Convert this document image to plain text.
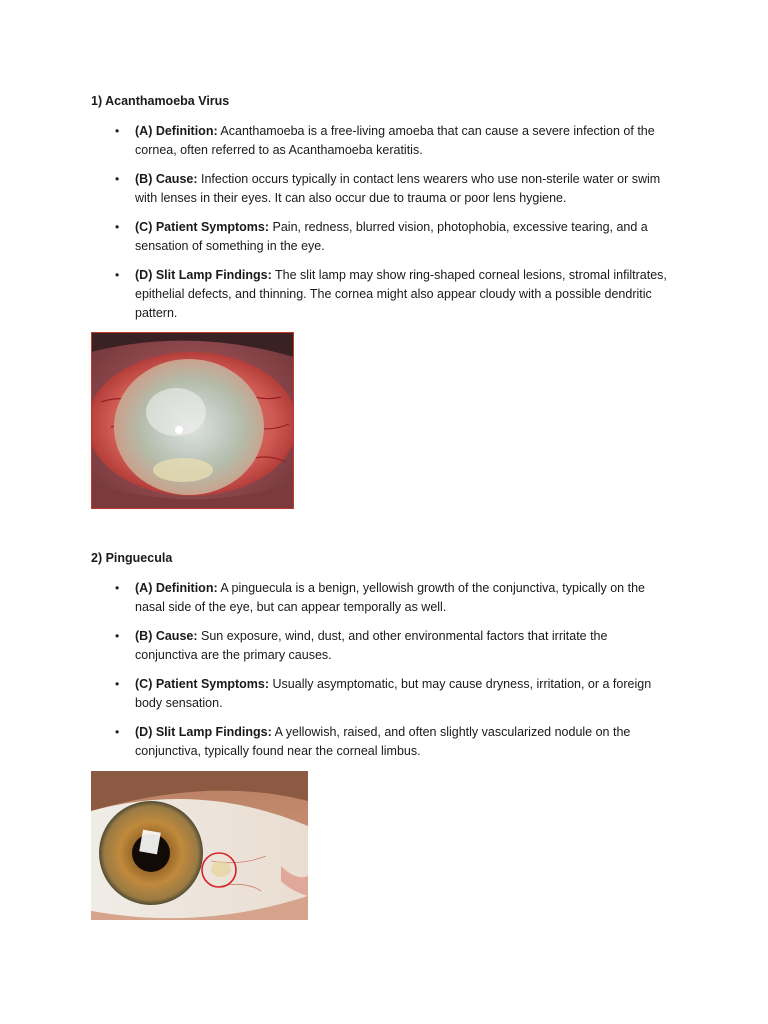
1) Acanthamoeba Virus
• (A) Definition: Acanthamoeba is a free-living amoeba that can cause a severe infection of the cornea, often referred to as Acanthamoeba keratitis.
• (B) Cause: Infection occurs typically in contact lens wearers who use non-sterile water or swim with lenses in their eyes. It can also occur due to trauma or poor lens hygiene.
• (C) Patient Symptoms: Pain, redness, blurred vision, photophobia, excessive tearing, and a sensation of something in the eye.
• (D) Slit Lamp Findings: The slit lamp may show ring-shaped corneal lesions, stromal infiltrates, epithelial defects, and thinning. The cornea might also appear cloudy with a possible dendritic pattern.
2) Pinguecula
• (A) Definition: A pinguecula is a benign, yellowish growth of the conjunctiva, typically on the nasal side of the eye, but can appear temporally as well.
• (B) Cause: Sun exposure, wind, dust, and other environmental factors that irritate the conjunctiva are the primary causes.
• (C) Patient Symptoms: Usually asymptomatic, but may cause dryness, irritation, or a foreign body sensation.
• (D) Slit Lamp Findings: A yellowish, raised, and often slightly vascularized nodule on the conjunctiva, typically found near the corneal limbus.
